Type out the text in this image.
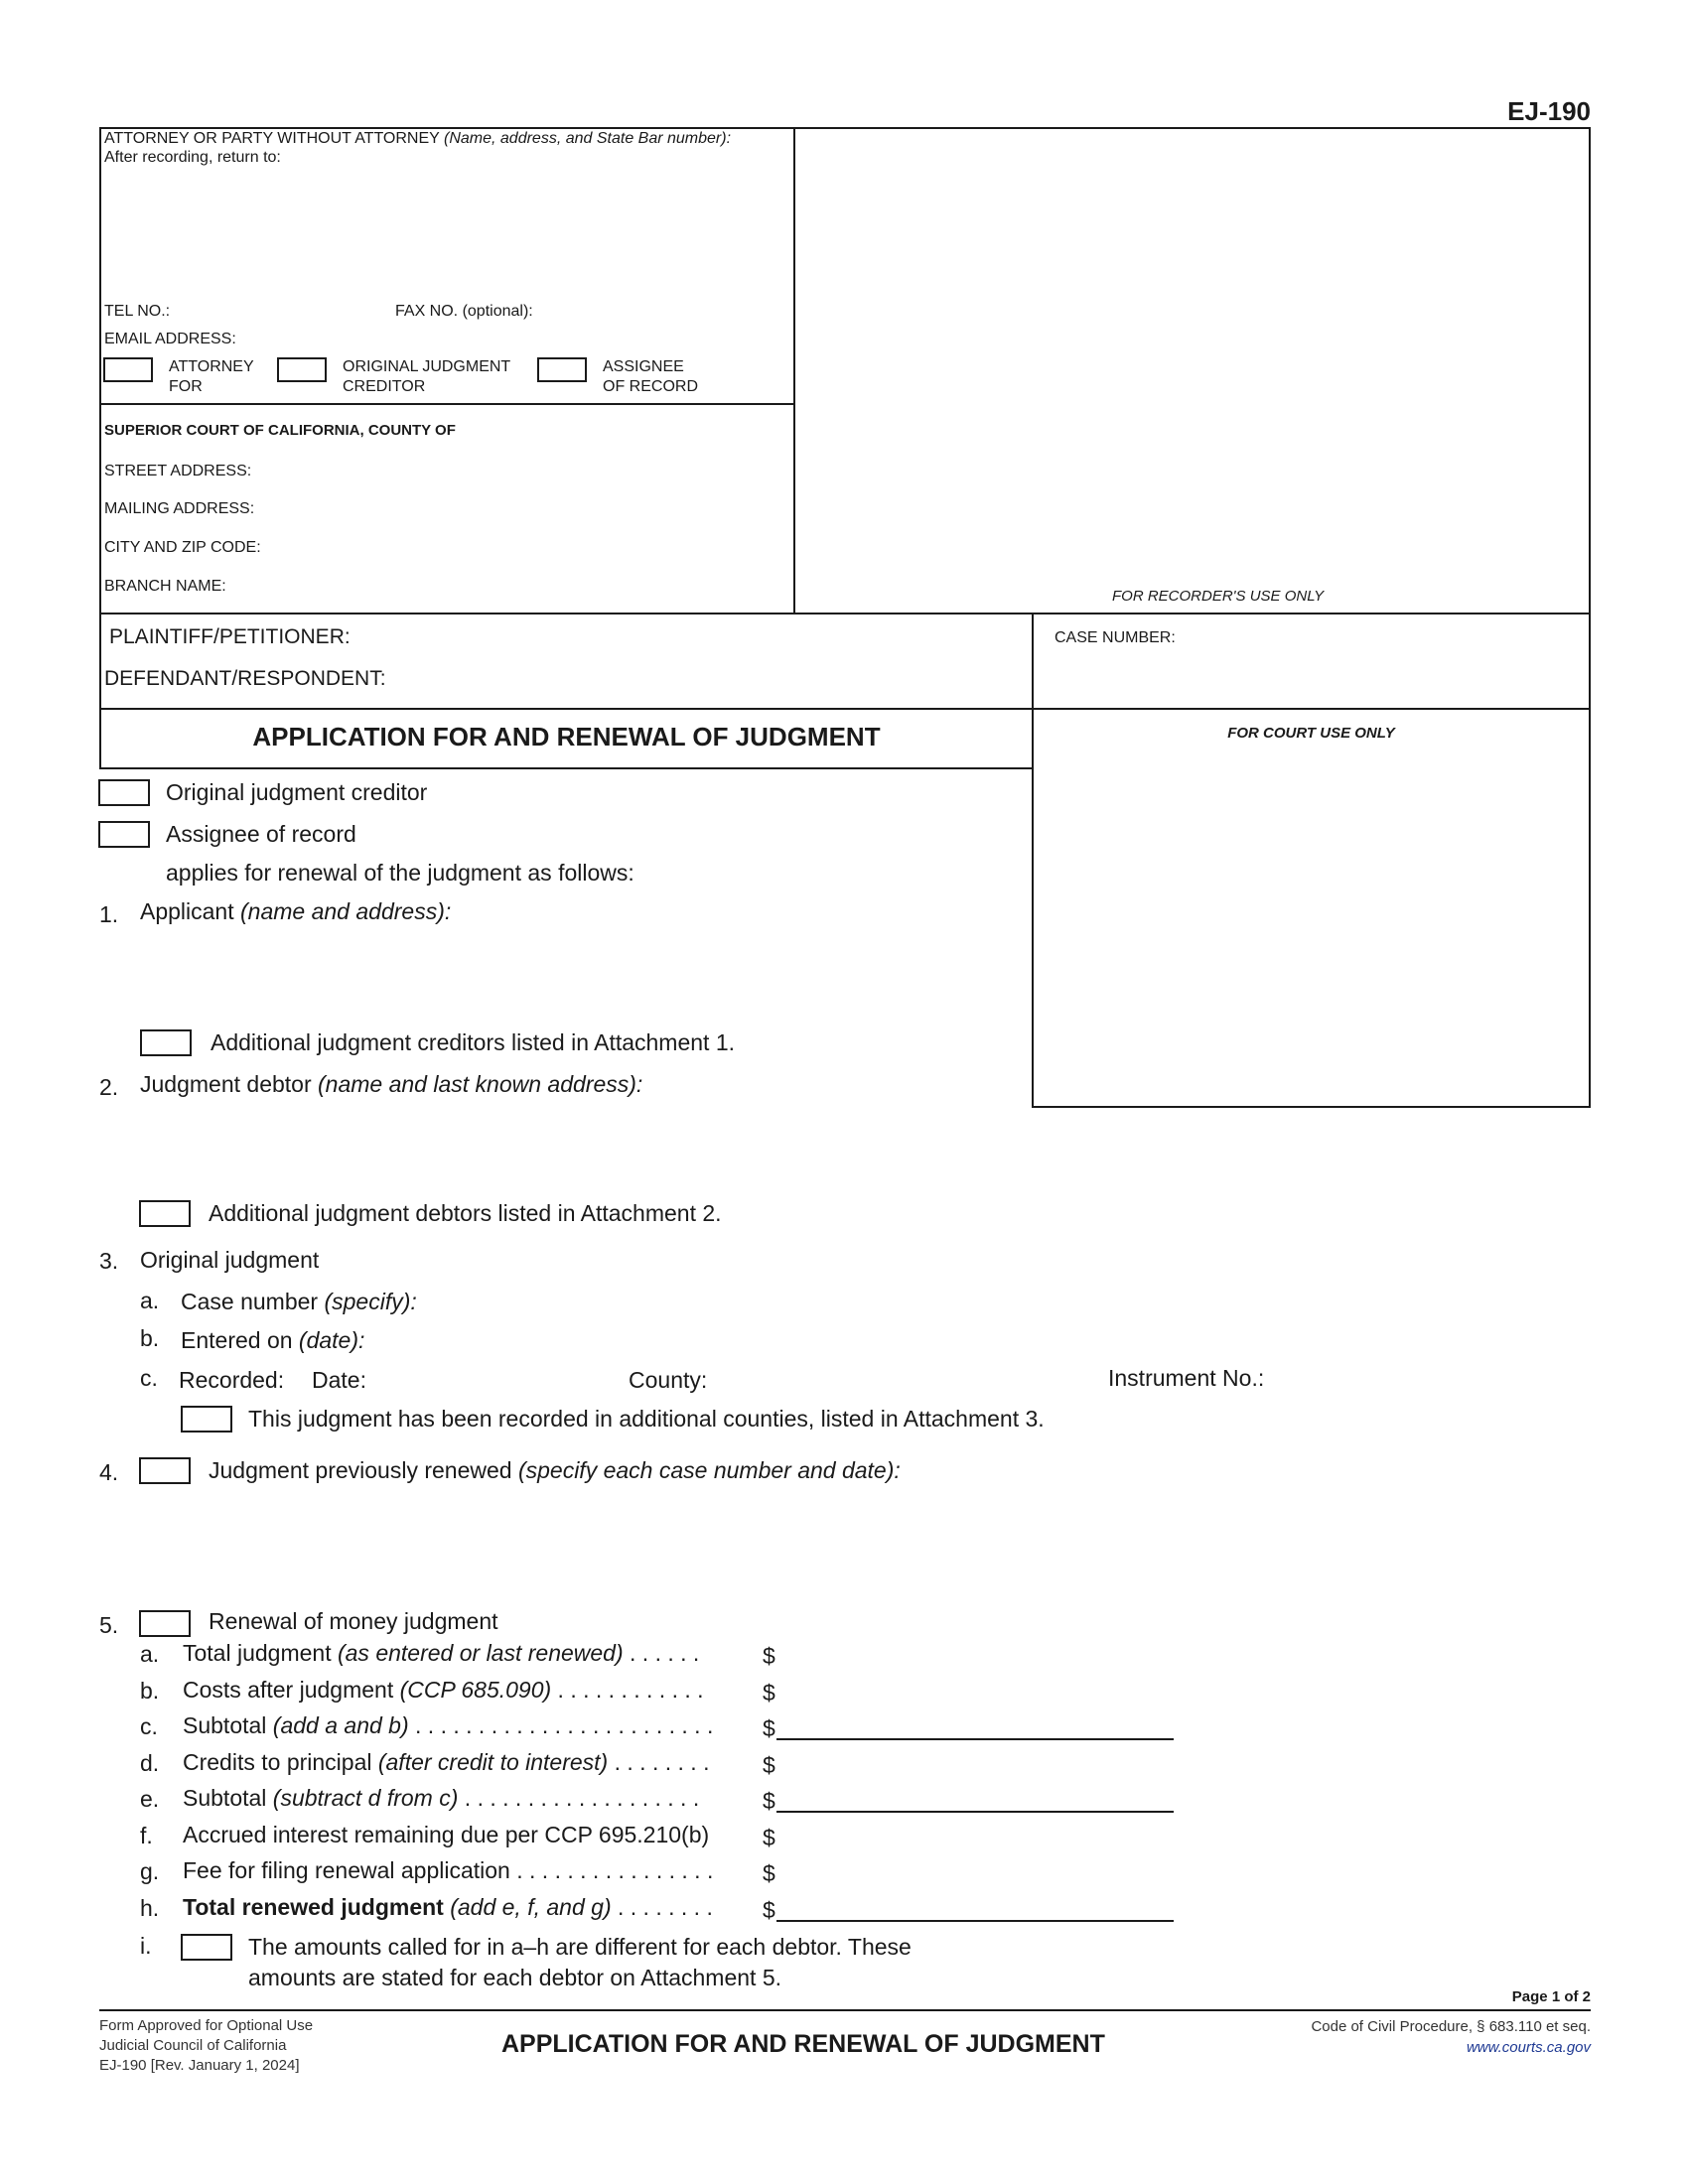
EJ-190
ATTORNEY OR PARTY WITHOUT ATTORNEY (Name, address, and State Bar number):
After recording, return to:
TEL NO.:	FAX NO. (optional):
EMAIL ADDRESS:
ATTORNEY
FOR
ORIGINAL JUDGMENT
CREDITOR
ASSIGNEE
OF RECORD
SUPERIOR COURT OF CALIFORNIA, COUNTY OF
STREET ADDRESS:
MAILING ADDRESS:
CITY AND ZIP CODE:
BRANCH NAME:
FOR RECORDER'S USE ONLY
PLAINTIFF/PETITIONER:
DEFENDANT/RESPONDENT:
CASE NUMBER:
APPLICATION FOR AND RENEWAL OF JUDGMENT	FOR COURT USE ONLY
Original judgment creditor
Assignee of record
applies for renewal of the judgment as follows:
1. Applicant (name and address):
Additional judgment creditors listed in Attachment 1.
2. Judgment debtor (name and last known address):
Additional judgment debtors listed in Attachment 2.
3. Original judgment
a. Case number (specify):
b. Entered on (date):
c. Recorded: Date:	County:	Instrument No.:
This judgment has been recorded in additional counties, listed in Attachment 3.
4.	Judgment previously renewed (specify each case number and date):
5.	Renewal of money judgment
a. Total judgment (as entered or last renewed) . . . . . .	$
b. Costs after judgment (CCP 685.090) . . . . . . . . . . . .	$
c. Subtotal (add a and b) . . . . . . . . . . . . . . . . . . . . . . . . $
d. Credits to principal (after credit to interest) . . . . . . . . $
e. Subtotal (subtract d from c) . . . . . . . . . . . . . . . . . . .	$
f. Accrued interest remaining due per CCP 695.210(b) $
g. Fee for filing renewal application . . . . . . . . . . . . . . . . $
h. Total renewed judgment (add e, f, and g) . . . . . . . . $
i.	The amounts called for in a–h are different for each debtor. These
amounts are stated for each debtor on Attachment 5.
Page 1 of 2
Form Approved for Optional Use
Judicial Council of California
EJ-190 [Rev. January 1, 2024]
APPLICATION FOR AND RENEWAL OF JUDGMENT
Code of Civil Procedure, § 683.110 et seq.
www.courts.ca.gov
